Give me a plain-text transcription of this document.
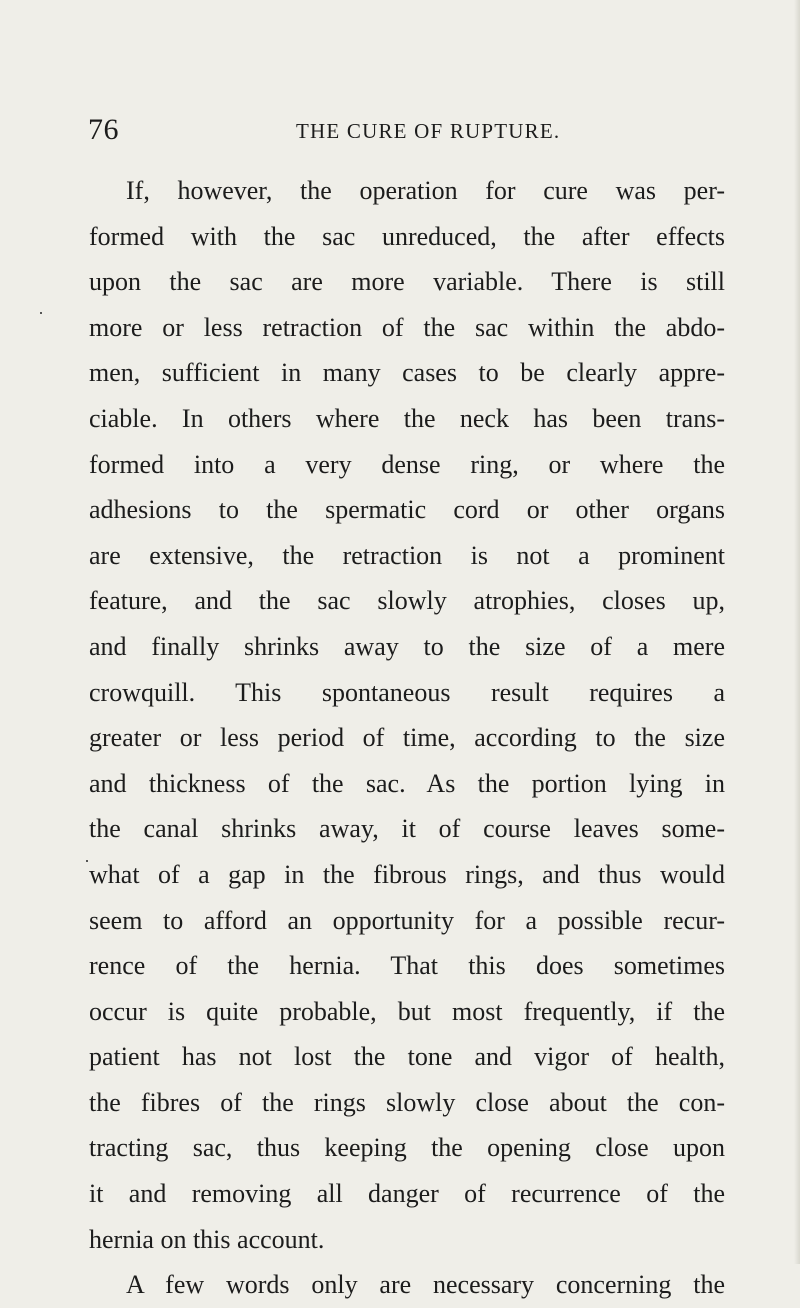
76	THE CURE OF RUPTURE.
If, however, the operation for cure was per-
formed with the sac unreduced, the after effects
upon the sac are more variable. There is still
more or less retraction of the sac within the abdo-
men, sufficient in many cases to be clearly appre-
ciable. In others where the neck has been trans-
formed into a very dense ring, or where the
adhesions to the spermatic cord or other organs
are extensive, the retraction is not a prominent
feature, and the sac slowly atrophies, closes up,
and finally shrinks away to the size of a mere
crowquill. This spontaneous result requires a
greater or less period of time, according to the size
and thickness of the sac. As the portion lying in
the canal shrinks away, it of course leaves some-
what of a gap in the fibrous rings, and thus would
seem to afford an opportunity for a possible recur-
rence of the hernia. That this does sometimes
occur is quite probable, but most frequently, if the
patient has not lost the tone and vigor of health,
the fibres of the rings slowly close about the con-
tracting sac, thus keeping the opening close upon
it and removing all danger of recurrence of the
hernia on this account.
A few words only are necessary concerning the
